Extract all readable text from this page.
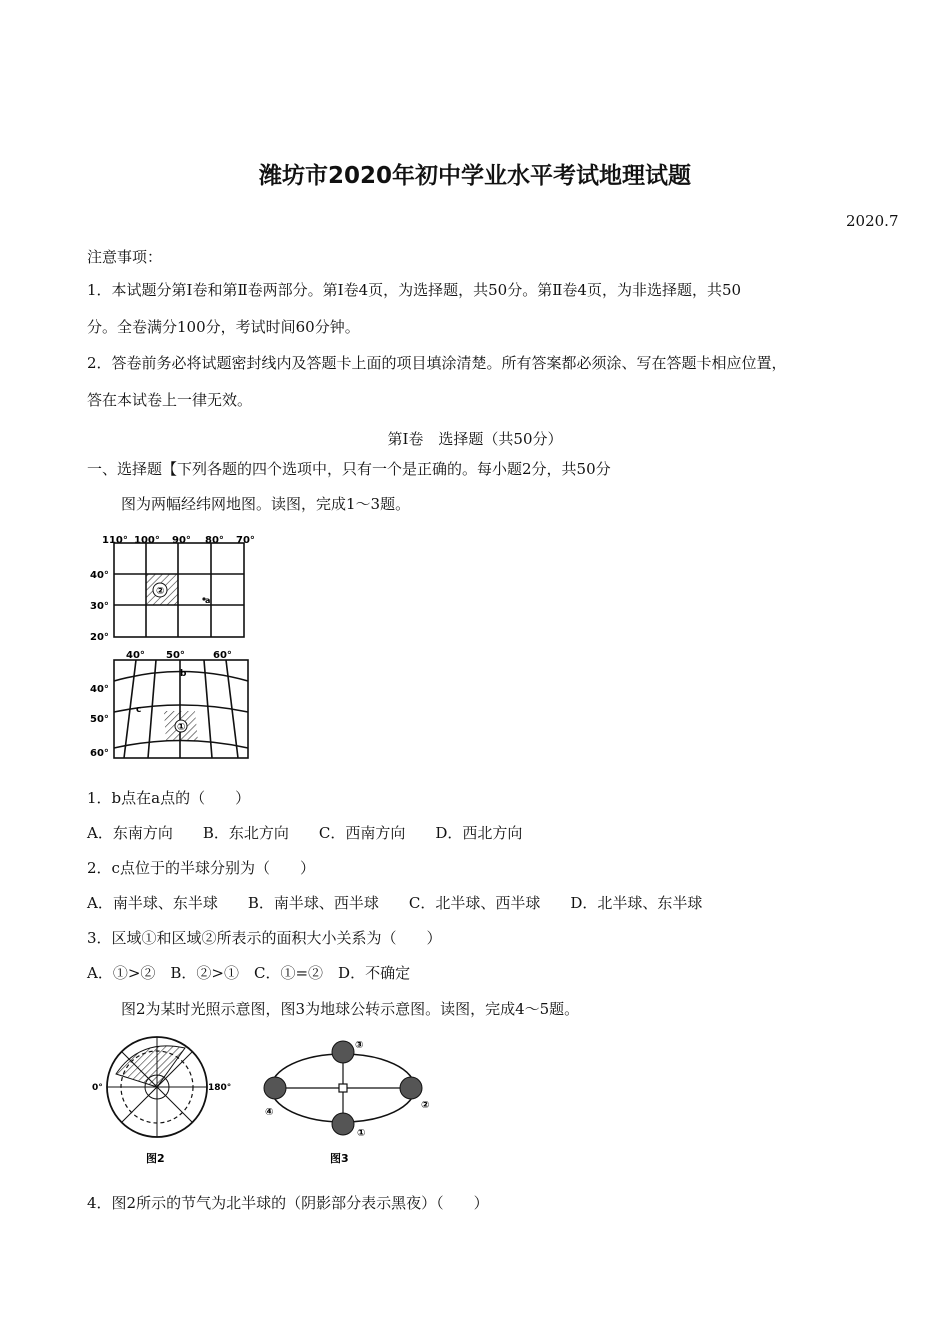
潍坊市2020年初中学业水平考试地理试题
2020.7
注意事项：
1．本试题分第Ⅰ卷和第Ⅱ卷两部分。第Ⅰ卷4页，为选择题，共50分。第Ⅱ卷4页，为非选择题，共50
分。全卷满分100分，考试时间60分钟。
2．答卷前务必将试题密封线内及答题卡上面的项目填涂清楚。所有答案都必须涂、写在答题卡相应位置，
答在本试卷上一律无效。
第Ⅰ卷　选择题（共50分）
一、选择题【下列各题的四个选项中，只有一个是正确的。每小题2分，共50分
图为两幅经纬网地图。读图，完成1～3题。
110° 100° 90° 80° 70°
40°
30°
20°
②
a
40° 50°	60°
40°
50°
60°
①
b
c
1．b点在a点的（　　）
A．东南方向　　B．东北方向　　C．西南方向　　D．西北方向
2．c点位于的半球分别为（　　）
A．南半球、东半球　　B．南半球、西半球　　C．北半球、西半球　　D．北半球、东半球
3．区域①和区域②所表示的面积大小关系为（　　）
A．①>②　B．②>①　C．①=②　D．不确定
图2为某时光照示意图，图3为地球公转示意图。读图，完成4～5题。
0°	180°
图2
③
②
①
④
图3
4．图2所示的节气为北半球的（阴影部分表示黑夜）（　　）
